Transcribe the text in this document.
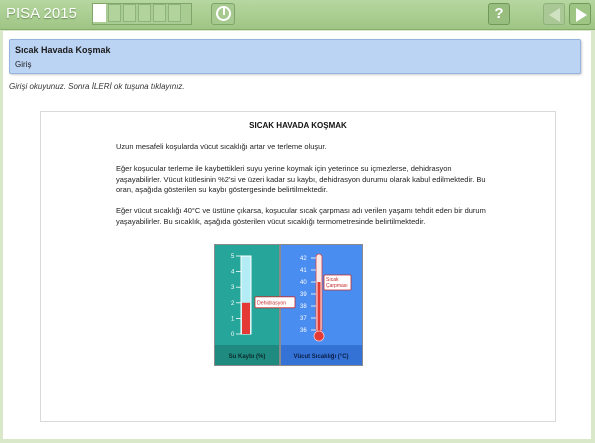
PISA 2015	?
Sıcak Havada Koşmak
Giriş
Girişi okuyunuz. Sonra İLERİ ok tuşuna tıklayınız.
SICAK HAVADA KOŞMAK
Uzun mesafeli koşularda vücut sıcaklığı artar ve terleme oluşur.
Eğer koşucular terleme ile kaybettikleri suyu yerine koymak için yeterince su içmezlerse, dehidrasyon yaşayabilirler. Vücut kütlesinin %2'si ve üzeri kadar su kaybı, dehidrasyon durumu olarak kabul edilmektedir. Bu oran, aşağıda gösterilen su kaybı göstergesinde belirtilmektedir.
Eğer vücut sıcaklığı 40°C ve üstüne çıkarsa, koşucular sıcak çarpması adı verilen yaşamı tehdit eden bir durum yaşayabilirler. Bu sıcaklık, aşağıda gösterilen vücut sıcaklığı termometresinde belirtilmektedir.
Su Kaybı (%)	Vücut Sıcaklığı (°C)
5
4
3
2
1
0
Dehidrasyon
42
41
40
39
38
37
36
Sıcak
Çarpması
